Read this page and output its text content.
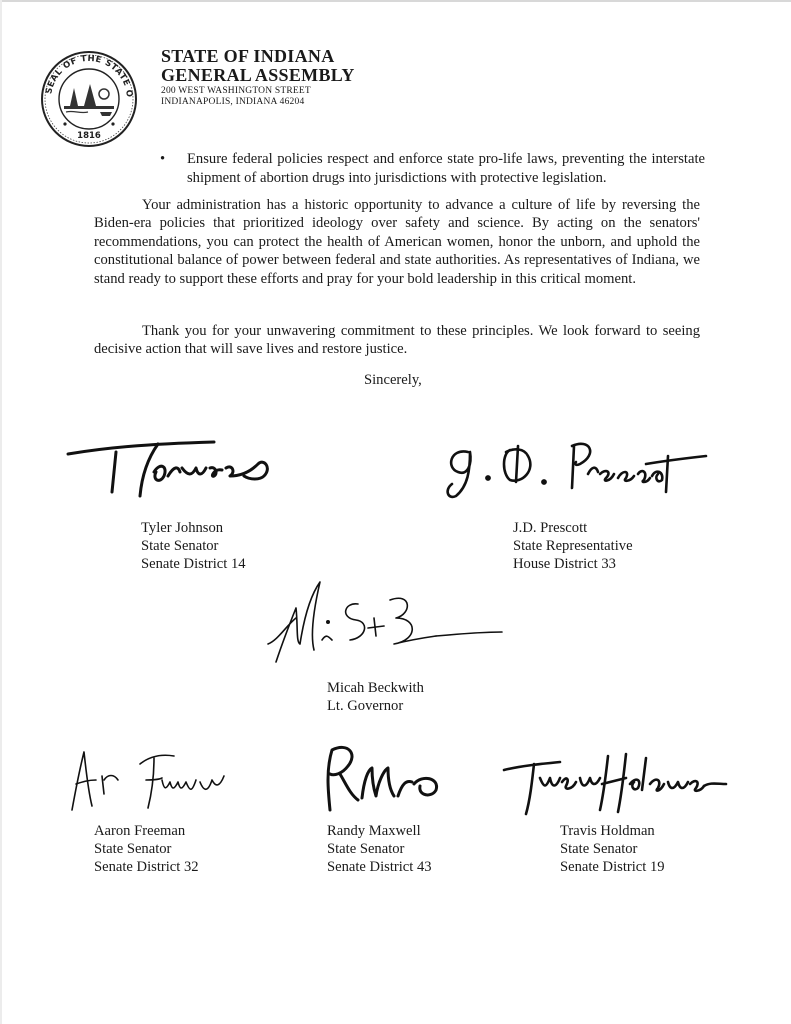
SEAL OF THE STATE O
1816
STATE OF INDIANA
GENERAL ASSEMBLY
200 WEST WASHINGTON STREET
INDIANAPOLIS, INDIANA 46204
• Ensure federal policies respect and enforce state pro-life laws, preventing the interstate shipment of abortion drugs into jurisdictions with protective legislation.
Your administration has a historic opportunity to advance a culture of life by reversing the Biden-era policies that prioritized ideology over safety and science. By acting on the senators' recommendations, you can protect the health of American women, honor the unborn, and uphold the constitutional balance of power between federal and state authorities. As representatives of Indiana, we stand ready to support these efforts and pray for your bold leadership in this critical moment.
Thank you for your unwavering commitment to these principles. We look forward to seeing decisive action that will save lives and restore justice.
Sincerely,
Tyler Johnson
State Senator
Senate District 14
J.D. Prescott
State Representative
House District 33
Micah Beckwith
Lt. Governor
Aaron Freeman
State Senator
Senate District 32
Randy Maxwell
State Senator
Senate District 43
Travis Holdman
State Senator
Senate District 19
